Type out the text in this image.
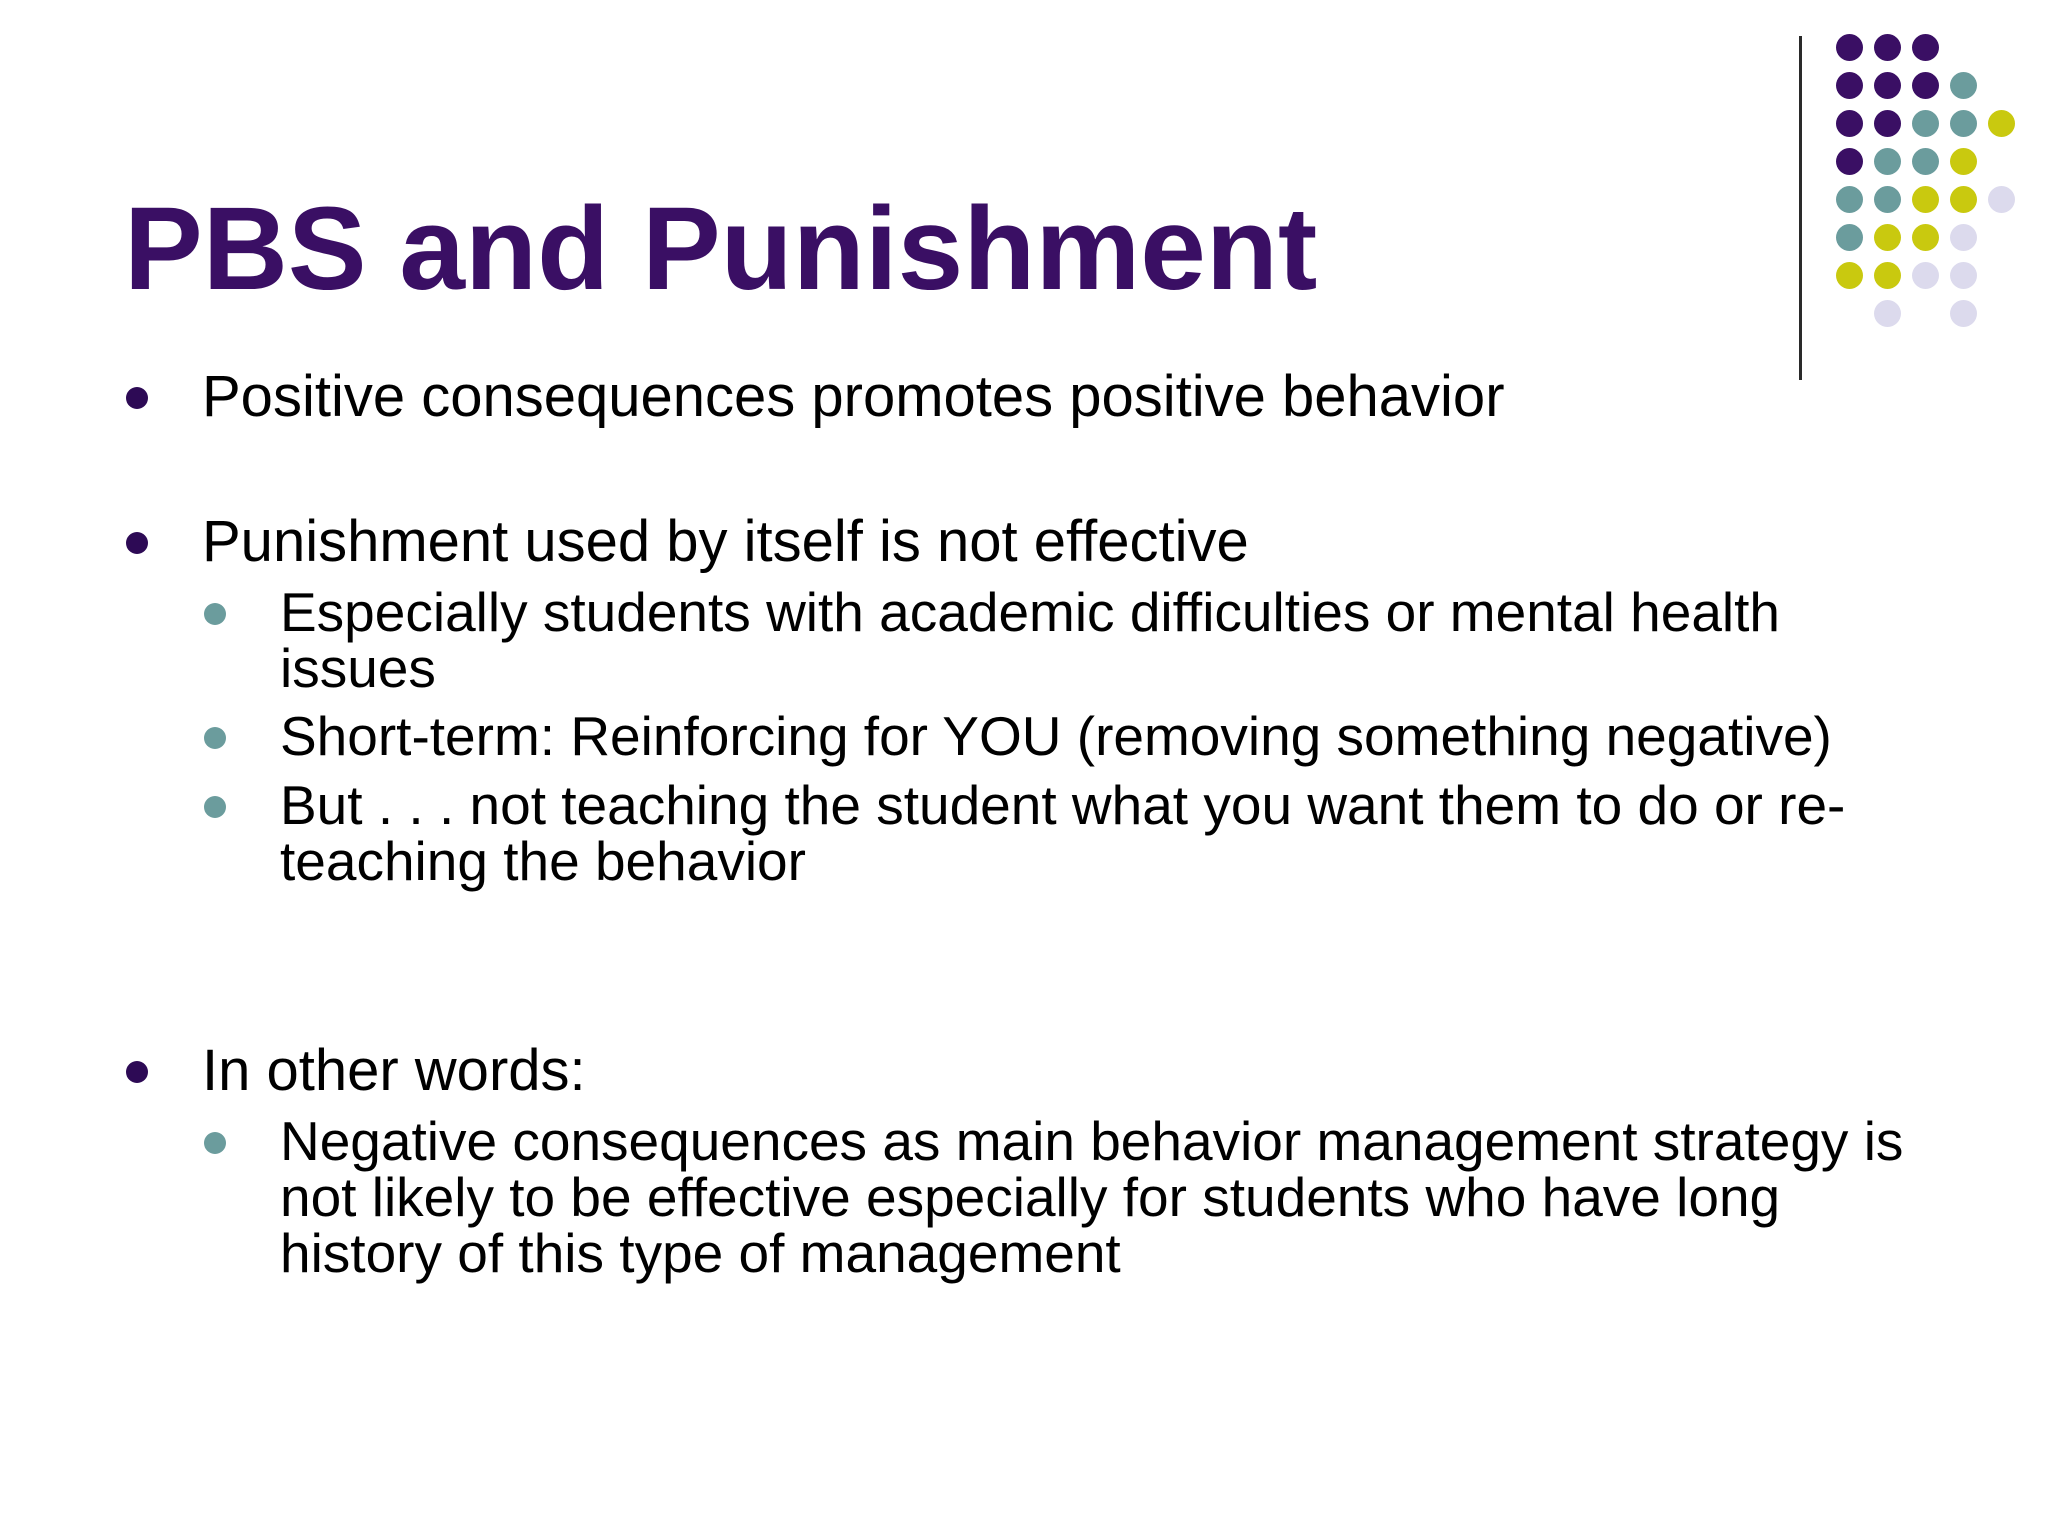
PBS and Punishment
Positive consequences promotes positive behavior
Punishment used by itself is not effective
Especially students with academic difficulties or mental health issues
Short-term: Reinforcing for YOU (removing something negative)
But . . . not teaching the student what you want them to do or re-teaching the behavior
In other words:
Negative consequences as main behavior management strategy is not likely to be effective especially for students who have long history of this type of management
